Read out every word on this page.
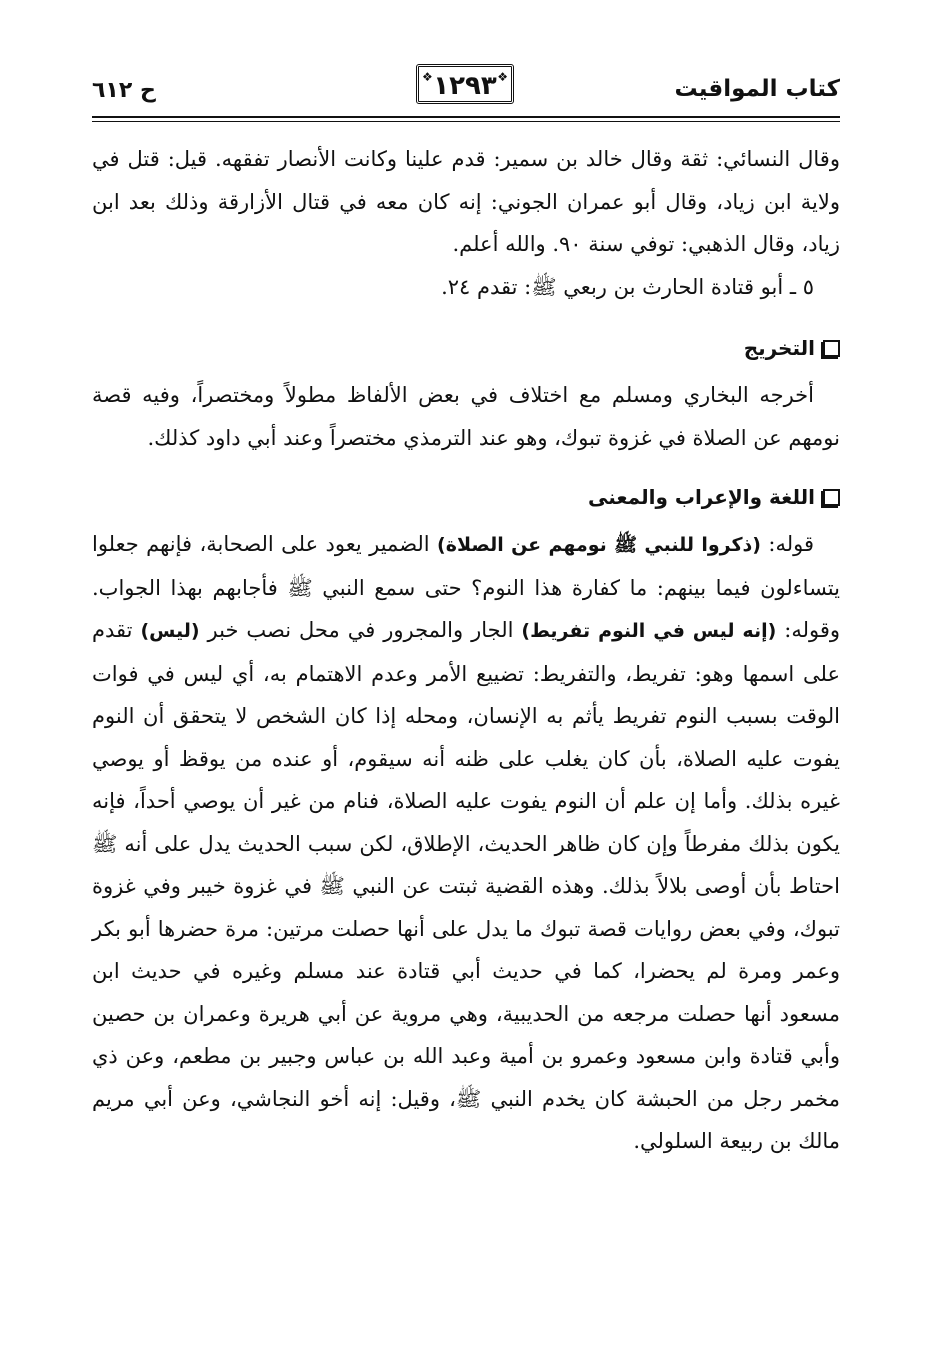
كتاب المواقيت
❖
١٢٩٣
❖
ح ٦١٢

وقال النسائي: ثقة وقال خالد بن سمير: قدم علينا وكانت الأنصار تفقهه. قيل: قتل في ولاية ابن زياد، وقال أبو عمران الجوني: إنه كان معه في قتال الأزارقة وذلك بعد ابن زياد، وقال الذهبي: توفي سنة ٩٠. والله أعلم.

٥ ـ أبو قتادة الحارث بن ربعي ﷺ: تقدم ٢٤.

التخريج

أخرجه البخاري ومسلم مع اختلاف في بعض الألفاظ مطولاً ومختصراً، وفيه قصة نومهم عن الصلاة في غزوة تبوك، وهو عند الترمذي مختصراً وعند أبي داود كذلك.

اللغة والإعراب والمعنى

قوله: (ذكروا للنبي ﷺ نومهم عن الصلاة) الضمير يعود على الصحابة، فإنهم جعلوا يتساءلون فيما بينهم: ما كفارة هذا النوم؟ حتى سمع النبي ﷺ فأجابهم بهذا الجواب. وقوله: (إنه ليس في النوم تفريط) الجار والمجرور في محل نصب خبر (ليس) تقدم على اسمها وهو: تفريط، والتفريط: تضييع الأمر وعدم الاهتمام به، أي ليس في فوات الوقت بسبب النوم تفريط يأثم به الإنسان، ومحله إذا كان الشخص لا يتحقق أن النوم يفوت عليه الصلاة، بأن كان يغلب على ظنه أنه سيقوم، أو عنده من يوقظ أو يوصي غيره بذلك. وأما إن علم أن النوم يفوت عليه الصلاة، فنام من غير أن يوصي أحداً، فإنه يكون بذلك مفرطاً وإن كان ظاهر الحديث، الإطلاق، لكن سبب الحديث يدل على أنه ﷺ احتاط بأن أوصى بلالاً بذلك. وهذه القضية ثبتت عن النبي ﷺ في غزوة خيبر وفي غزوة تبوك، وفي بعض روايات قصة تبوك ما يدل على أنها حصلت مرتين: مرة حضرها أبو بكر وعمر ومرة لم يحضرا، كما في حديث أبي قتادة عند مسلم وغيره في حديث ابن مسعود أنها حصلت مرجعه من الحديبية، وهي مروية عن أبي هريرة وعمران بن حصين وأبي قتادة وابن مسعود وعمرو بن أمية وعبد الله بن عباس وجبير بن مطعم، وعن ذي مخمر رجل من الحبشة كان يخدم النبي ﷺ، وقيل: إنه أخو النجاشي، وعن أبي مريم مالك بن ربيعة السلولي.
